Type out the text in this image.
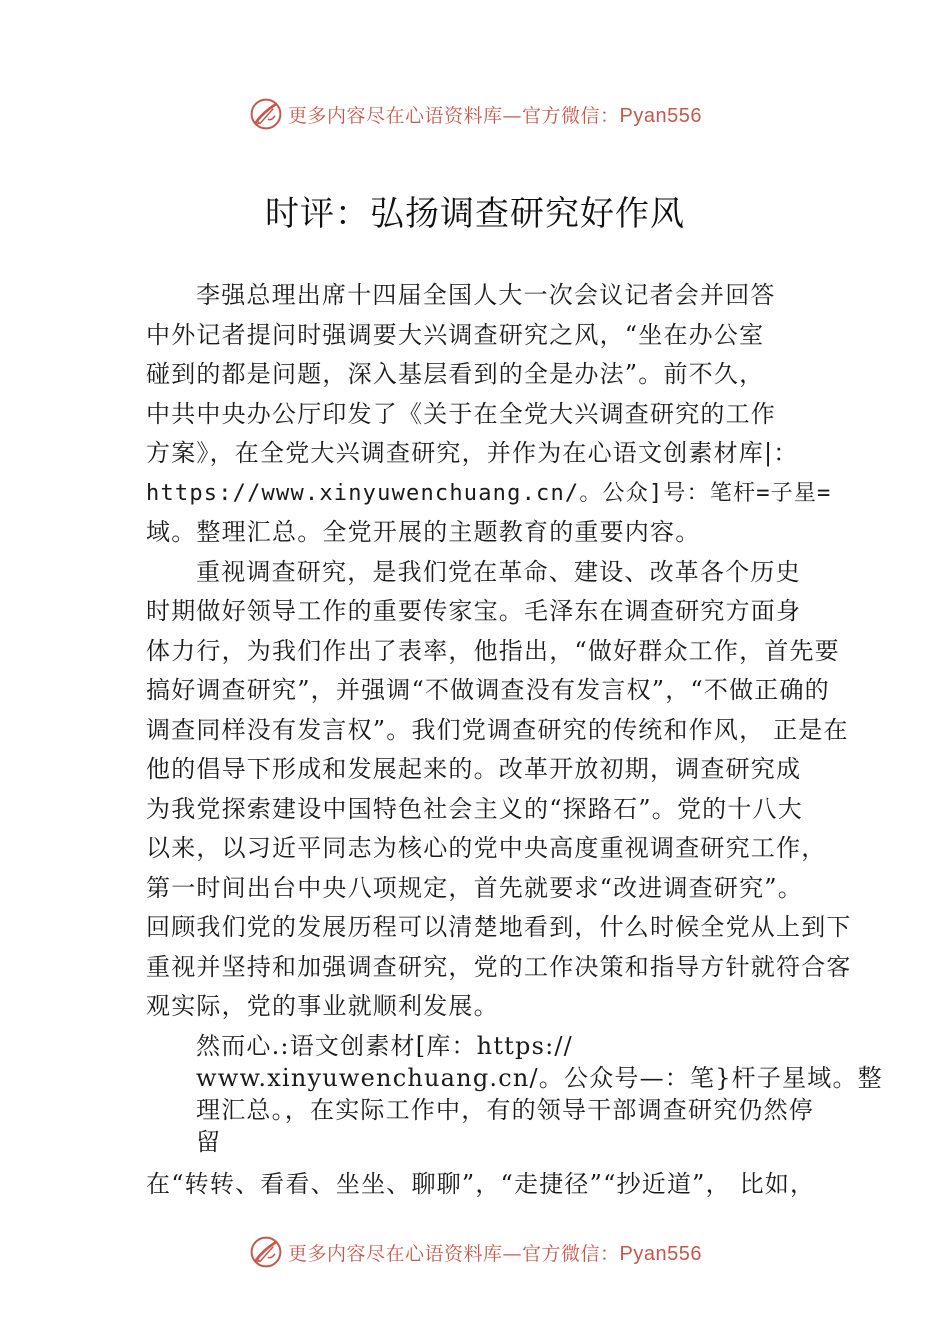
更多内容尽在心语资料库—官方微信：Pyan556
时评：弘扬调查研究好作风
李强总理出席十四届全国人大一次会议记者会并回答
中外记者提问时强调要大兴调查研究之风，“坐在办公室
碰到的都是问题，深入基层看到的全是办法”。前不久，
中共中央办公厅印发了《关于在全党大兴调查研究的工作
方案》，在全党大兴调查研究，并作为在心语文创素材库|：
https://www.xinyuwenchuang.cn/。公众]号：笔杆=子星=
域。整理汇总。全党开展的主题教育的重要内容。
重视调查研究，是我们党在革命、建设、改革各个历史
时期做好领导工作的重要传家宝。毛泽东在调查研究方面身
体力行，为我们作出了表率，他指出，“做好群众工作，首先要
搞好调查研究”，并强调“不做调查没有发言权”，“不做正确的
调查同样没有发言权”。我们党调查研究的传统和作风， 正是在
他的倡导下形成和发展起来的。改革开放初期，调查研究成
为我党探索建设中国特色社会主义的“探路石”。党的十八大
以来，以习近平同志为核心的党中央高度重视调查研究工作，
第一时间出台中央八项规定，首先就要求“改进调查研究”。
回顾我们党的发展历程可以清楚地看到，什么时候全党从上到下
重视并坚持和加强调查研究，党的工作决策和指导方针就符合客
观实际，党的事业就顺利发展。
然而心.:语文创素材[库：https://
www.xinyuwenchuang.cn/。公众号—：笔}杆子星域。整
理汇总。，在实际工作中，有的领导干部调查研究仍然停
留
在“转转、看看、坐坐、聊聊”，“走捷径”“抄近道”， 比如，
更多内容尽在心语资料库—官方微信：Pyan556
